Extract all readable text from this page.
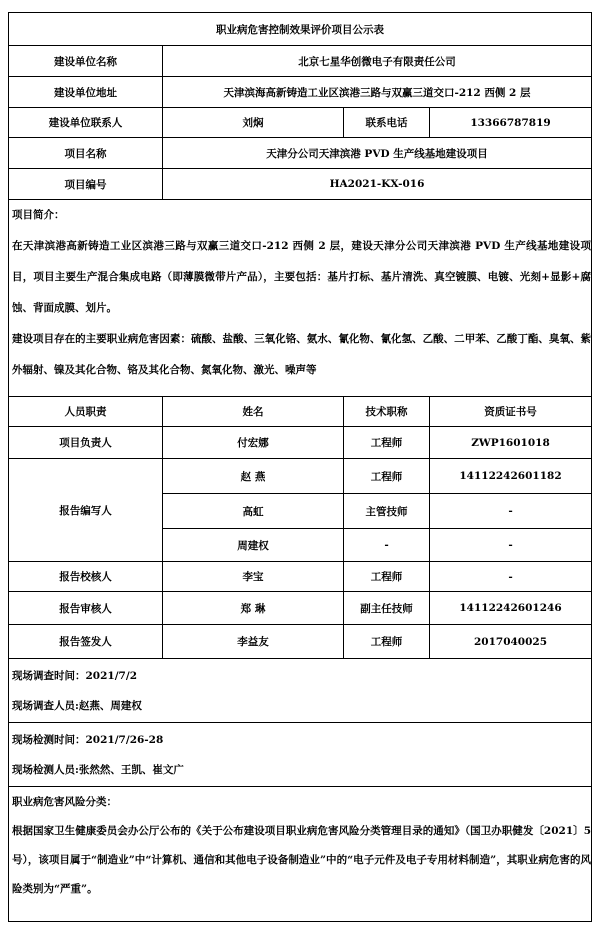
职业病危害控制效果评价项目公示表			
建设单位名称	北京七星华创微电子有限责任公司		
建设单位地址	天津滨海高新铸造工业区滨港三路与双赢三道交口-212 西侧 2 层		
建设单位联系人	刘焖	联系电话	13366787819
项目名称	天津分公司天津滨港 PVD 生产线基地建设项目		
项目编号	HA2021-KX-016		

项目简介：
在天津滨港高新铸造工业区滨港三路与双赢三道交口-212 西侧 2 层，建设天津分公司天津滨港 PVD 生产线基地建设项目，项目主要生产混合集成电路（即薄膜微带片产品），主要包括：基片打标、基片清洗、真空镀膜、电镀、光刻+显影+腐蚀、背面成膜、划片。
建设项目存在的主要职业病危害因素：硫酸、盐酸、三氧化铬、氨水、氰化物、氰化氢、乙酸、二甲苯、乙酸丁酯、臭氧、紫外辐射、镍及其化合物、铬及其化合物、氮氧化物、激光、噪声等			

人员职责	姓名	技术职称	资质证书号
项目负责人	付宏娜	工程师	ZWP1601018
报告编写人	赵 燕	工程师	14112242601182
	高虹	主管技师	-
	周建权	-	-
报告校核人	李宝	工程师	-
报告审核人	郑 琳	副主任技师	14112242601246
报告签发人	李益友	工程师	2017040025

现场调查时间：2021/7/2
现场调查人员:赵燕、周建权			

现场检测时间：2021/7/26-28
现场检测人员:张然然、王凯、崔文广			

职业病危害风险分类：
根据国家卫生健康委员会办公厅公布的《关于公布建设项目职业病危害风险分类管理目录的通知》（国卫办职健发〔2021〕5 号），该项目属于“制造业”中“计算机、通信和其他电子设备制造业”中的“电子元件及电子专用材料制造”，其职业病危害的风险类别为“严重”。			
